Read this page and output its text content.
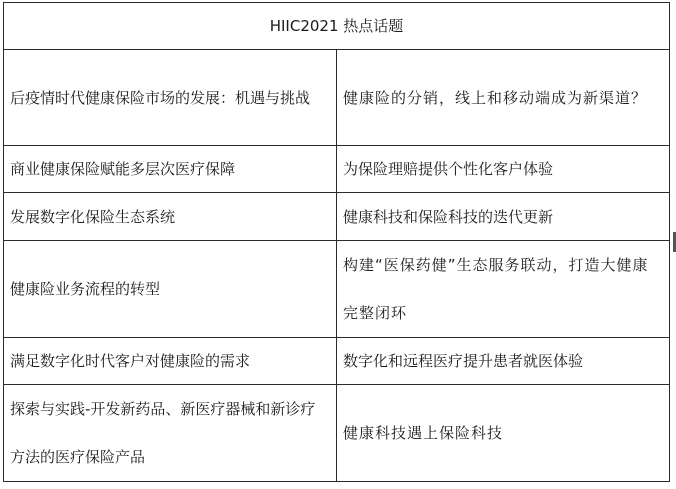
HIIC2021 热点话题	
后疫情时代健康保险市场的发展：机遇与挑战	健康险的分销，线上和移动端成为新渠道？
商业健康保险赋能多层次医疗保障	为保险理赔提供个性化客户体验
发展数字化保险生态系统	健康科技和保险科技的迭代更新
健康险业务流程的转型	构建“医保药健”生态服务联动，打造大健康完整闭环
满足数字化时代客户对健康险的需求	数字化和远程医疗提升患者就医体验
探索与实践-开发新药品、新医疗器械和新诊疗方法的医疗保险产品	健康科技遇上保险科技
